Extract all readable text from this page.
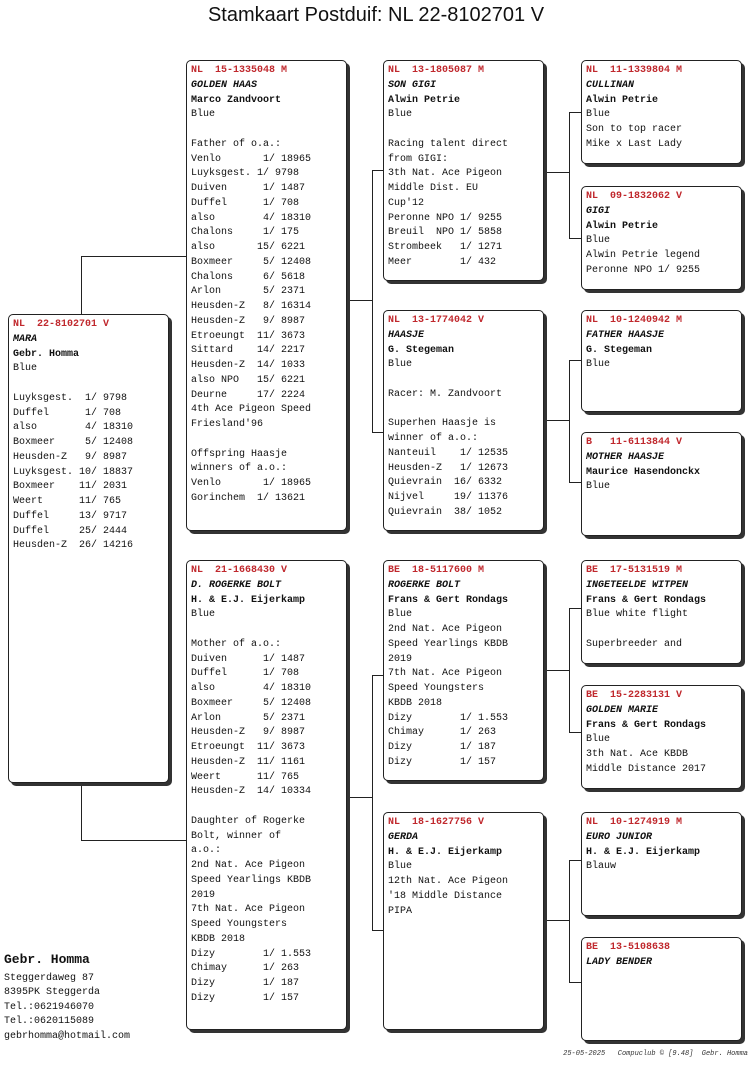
Stamkaart Postduif: NL 22-8102701 V
NL  22-8102701 V
MARA
Gebr. Homma
Blue
Luyksgest.  1/ 9798
Duffel      1/ 708
also        4/ 18310
Boxmeer     5/ 12408
Heusden-Z   9/ 8987
Luyksgest. 10/ 18837
Boxmeer    11/ 2031
Weert      11/ 765
Duffel     13/ 9717
Duffel     25/ 2444
Heusden-Z  26/ 14216
NL  15-1335048 M
GOLDEN HAAS
Marco Zandvoort
Blue
Father of o.a.:
Venlo       1/ 18965
Luyksgest. 1/ 9798
Duiven      1/ 1487
Duffel      1/ 708
also        4/ 18310
Chalons     1/ 175
also       15/ 6221
Boxmeer     5/ 12408
Chalons     6/ 5618
Arlon       5/ 2371
Heusden-Z   8/ 16314
Heusden-Z   9/ 8987
Etroeungt  11/ 3673
Sittard    14/ 2217
Heusden-Z  14/ 1033
also NPO   15/ 6221
Deurne     17/ 2224
4th Ace Pigeon Speed
Friesland'96
Offspring Haasje
winners of a.o.:
Venlo       1/ 18965
Gorinchem  1/ 13621
NL  21-1668430 V
D. ROGERKE BOLT
H. & E.J. Eijerkamp
Blue
Mother of a.o.:
Duiven      1/ 1487
Duffel      1/ 708
also        4/ 18310
Boxmeer     5/ 12408
Arlon       5/ 2371
Heusden-Z   9/ 8987
Etroeungt  11/ 3673
Heusden-Z  11/ 1161
Weert      11/ 765
Heusden-Z  14/ 10334
Daughter of Rogerke
Bolt, winner of
a.o.:
2nd Nat. Ace Pigeon
Speed Yearlings KBDB
2019
7th Nat. Ace Pigeon
Speed Youngsters
KBDB 2018
Dizy        1/ 1.553
Chimay      1/ 263
Dizy        1/ 187
Dizy        1/ 157
NL  13-1805087 M
SON GIGI
Alwin Petrie
Blue
Racing talent direct
from GIGI:
3th Nat. Ace Pigeon
Middle Dist. EU
Cup'12
Peronne NPO 1/ 9255
Breuil  NPO 1/ 5858
Strombeek   1/ 1271
Meer        1/ 432
NL  13-1774042 V
HAASJE
G. Stegeman
Blue
Racer: M. Zandvoort
Superhen Haasje is
winner of a.o.:
Nanteuil    1/ 12535
Heusden-Z   1/ 12673
Quievrain  16/ 6332
Nijvel     19/ 11376
Quievrain  38/ 1052
BE  18-5117600 M
ROGERKE BOLT
Frans & Gert Rondags
Blue
2nd Nat. Ace Pigeon
Speed Yearlings KBDB
2019
7th Nat. Ace Pigeon
Speed Youngsters
KBDB 2018
Dizy        1/ 1.553
Chimay      1/ 263
Dizy        1/ 187
Dizy        1/ 157
NL  18-1627756 V
GERDA
H. & E.J. Eijerkamp
Blue
12th Nat. Ace Pigeon
'18 Middle Distance
PIPA
NL  11-1339804 M
CULLINAN
Alwin Petrie
Blue
Son to top racer
Mike x Last Lady
NL  09-1832062 V
GIGI
Alwin Petrie
Blue
Alwin Petrie legend
Peronne NPO 1/ 9255
NL  10-1240942 M
FATHER HAASJE
G. Stegeman
Blue
B   11-6113844 V
MOTHER HAASJE
Maurice Hasendonckx
Blue
BE  17-5131519 M
INGETEELDE WITPEN
Frans & Gert Rondags
Blue white flight
Superbreeder and
BE  15-2283131 V
GOLDEN MARIE
Frans & Gert Rondags
Blue
3th Nat. Ace KBDB
Middle Distance 2017
NL  10-1274919 M
EURO JUNIOR
H. & E.J. Eijerkamp
Blauw
BE  13-5108638
LADY BENDER
Gebr. Homma
Steggerdaweg 87
8395PK Steggerda
Tel.:0621946070
Tel.:0620115089
gebrhomma@hotmail.com
25-05-2025   Compuclub © [9.48]  Gebr. Homma
